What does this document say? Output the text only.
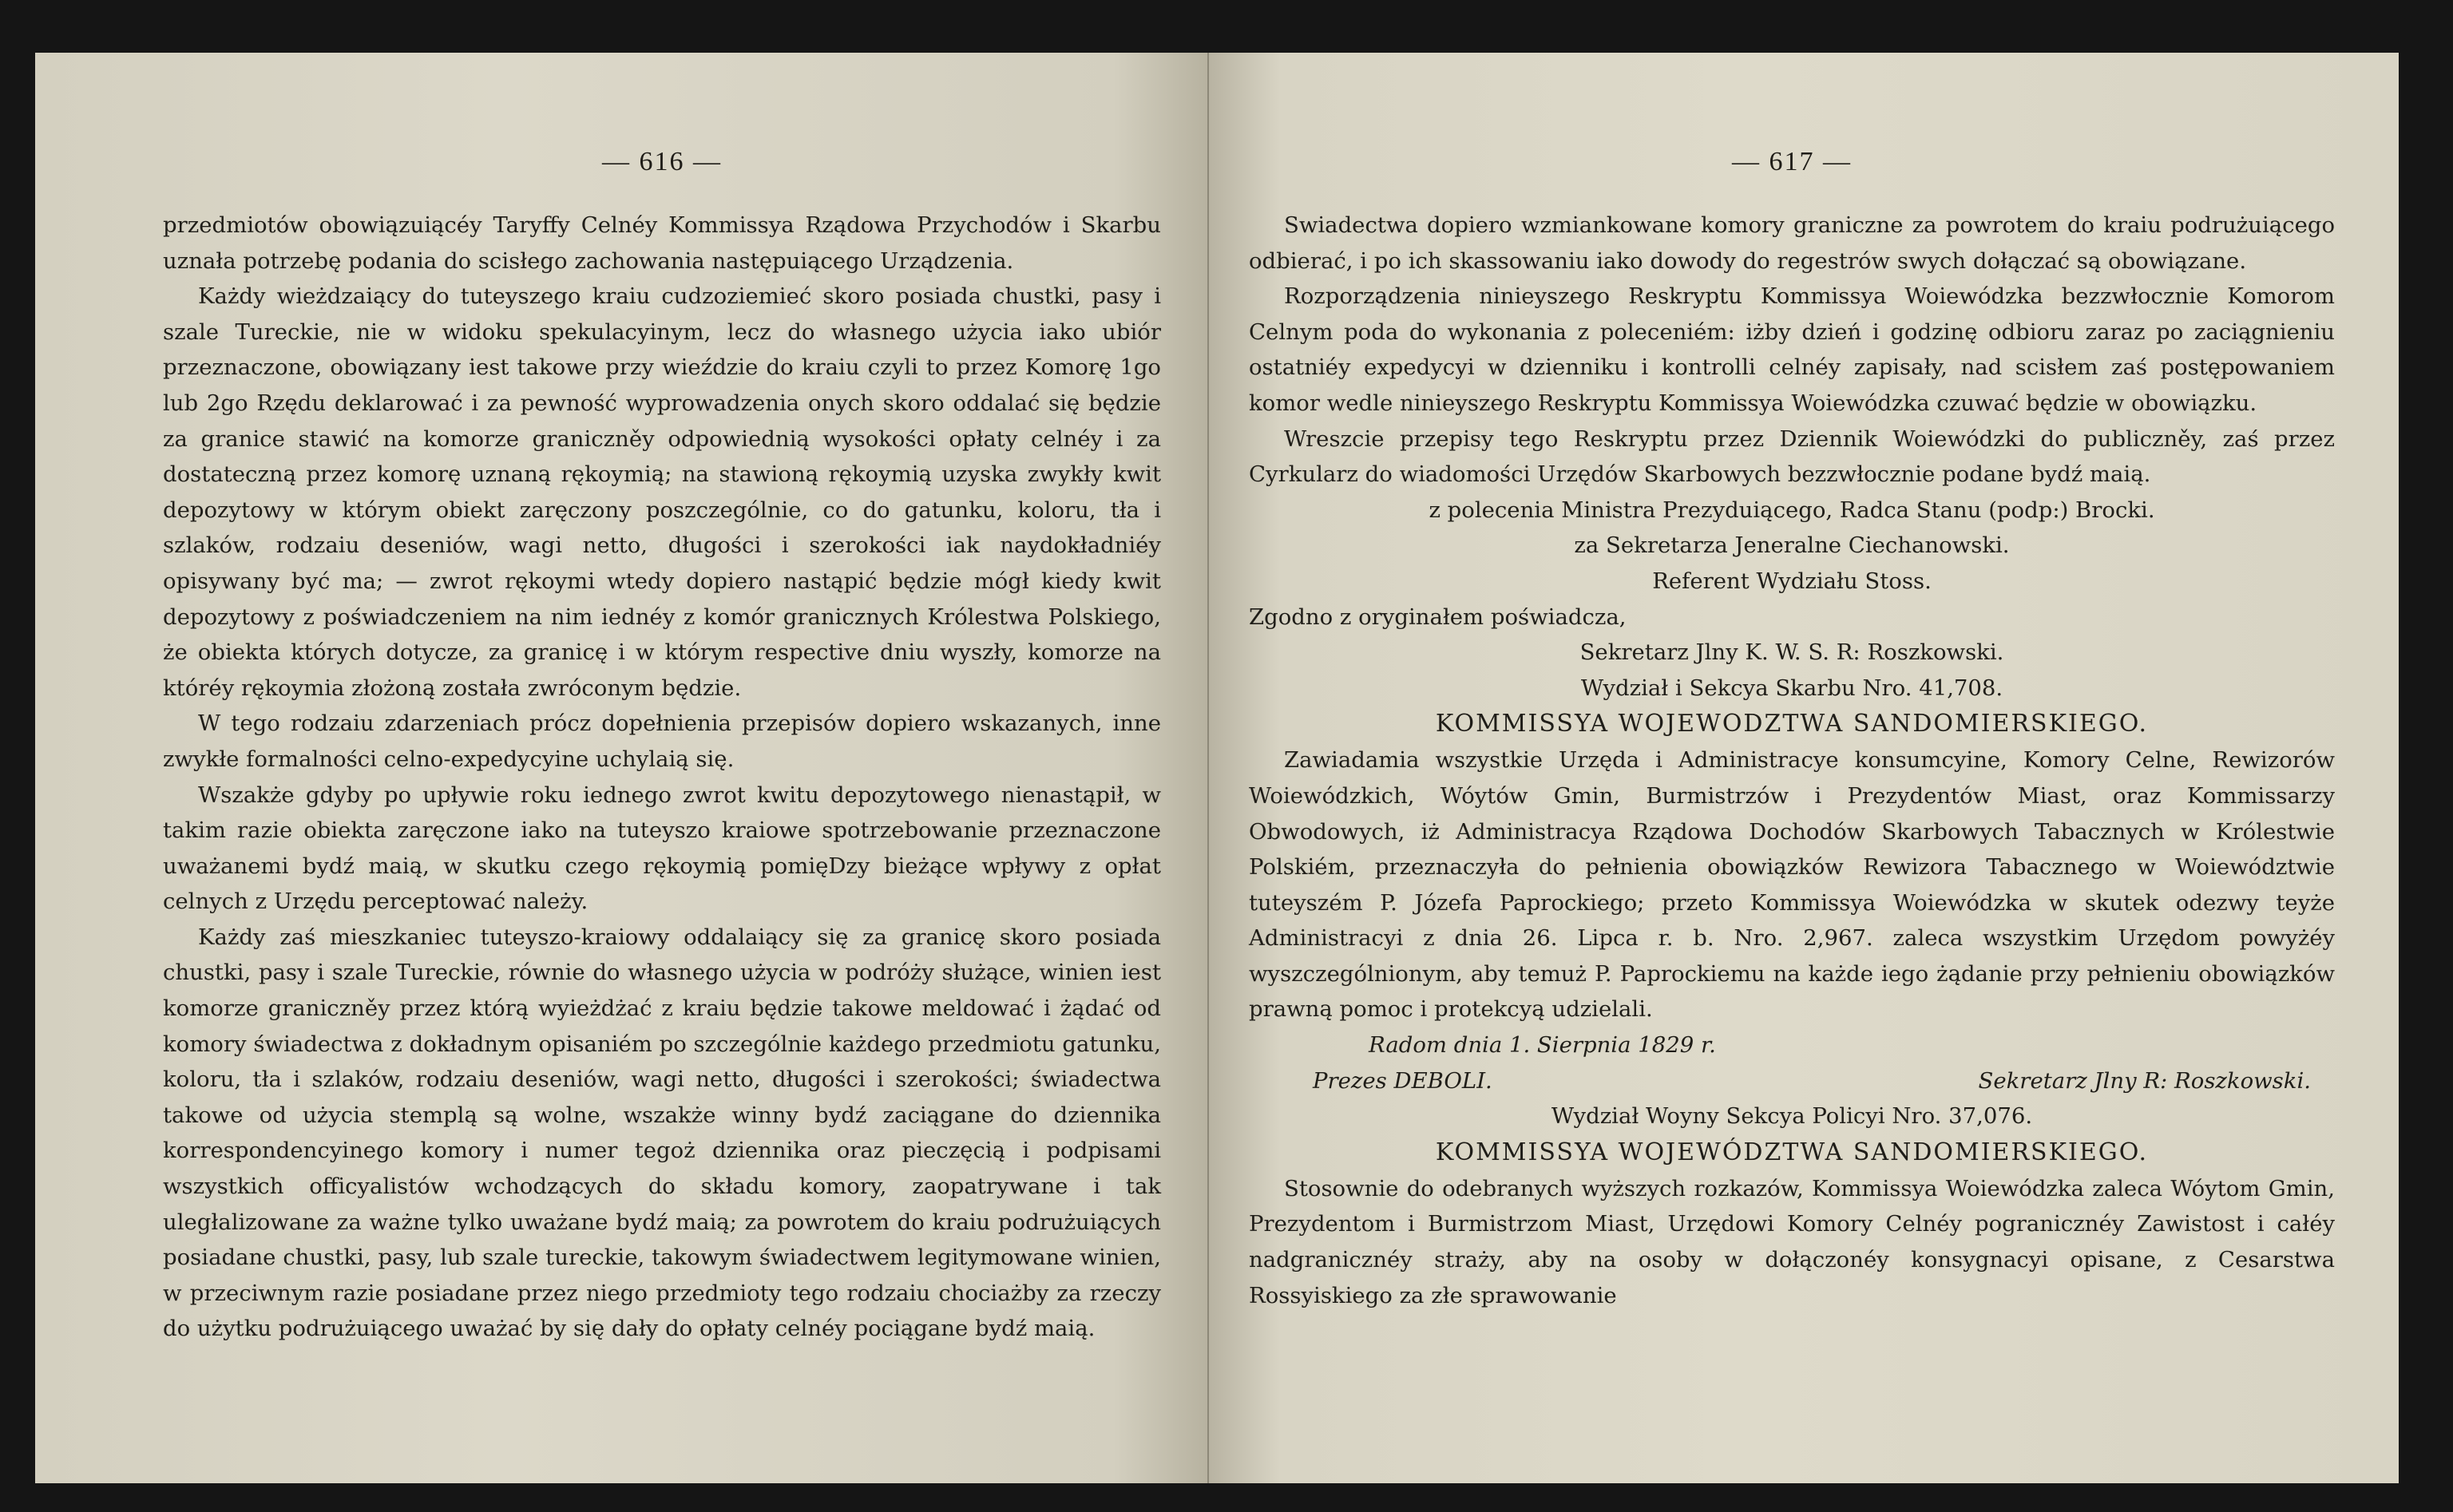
— 616 —

przedmiotów obowiązuiącéy Taryffy Celnéy Kommissya Rządowa Przychodów i Skarbu uznała potrzebę podania do scisłego zachowania następuiącego Urządzenia.

Każdy wieżdzaiący do tuteyszego kraiu cudzoziemieć skoro posiada chustki, pasy i szale Tureckie, nie w widoku spekulacyinym, lecz do własnego użycia iako ubiór przeznaczone, obowiązany iest takowe przy wieździe do kraiu czyli to przez Komorę 1go lub 2go Rzędu deklarować i za pewność wyprowadzenia onych skoro oddalać się będzie za granice stawić na komorze graniczněy odpowiednią wysokości opłaty celnéy i za dostateczną przez komorę uznaną rękoymią; na stawioną rękoymią uzyska zwykły kwit depozytowy w którym obiekt zaręczony poszczególnie, co do gatunku, koloru, tła i szlaków, rodzaiu deseniów, wagi netto, długości i szerokości iak naydokładniéy opisywany być ma; — zwrot rękoymi wtedy dopiero nastąpić będzie mógł kiedy kwit depozytowy z poświadczeniem na nim iednéy z komór granicznych Królestwa Polskiego, że obiekta których dotycze, za granicę i w którym respective dniu wyszły, komorze na któréy rękoymia złożoną została zwróconym będzie.

W tego rodzaiu zdarzeniach prócz dopełnienia przepisów dopiero wskazanych, inne zwykłe formalności celno-expedycyine uchylaią się.

Wszakże gdyby po upływie roku iednego zwrot kwitu depozytowego nienastąpił, w takim razie obiekta zaręczone iako na tuteyszo kraiowe spotrzebowanie przeznaczone uważanemi bydź maią, w skutku czego rękoymią pomięDzy bieżące wpływy z opłat celnych z Urzędu perceptować należy.

Każdy zaś mieszkaniec tuteyszo-kraiowy oddalaiący się za granicę skoro posiada chustki, pasy i szale Tureckie, równie do własnego użycia w podróży służące, winien iest komorze graniczněy przez którą wyieżdżać z kraiu będzie takowe meldować i żądać od komory świadectwa z dokładnym opisaniém po szczególnie każdego przedmiotu gatunku, koloru, tła i szlaków, rodzaiu deseniów, wagi netto, długości i szerokości; świadectwa takowe od użycia stemplą są wolne, wszakże winny bydź zaciągane do dziennika korrespondencyinego komory i numer tegoż dziennika oraz pieczęcią i podpisami wszystkich officyalistów wchodzących do składu komory, zaopatrywane i tak uległalizowane za ważne tylko uważane bydź maią; za powrotem do kraiu podrużuiących posiadane chustki, pasy, lub szale tureckie, takowym świadectwem legitymowane winien, w przeciwnym razie posiadane przez niego przedmioty tego rodzaiu chociażby za rzeczy do użytku podrużuiącego uważać by się dały do opłaty celnéy pociągane bydź maią.

— 617 —

Swiadectwa dopiero wzmiankowane komory graniczne za powrotem do kraiu podrużuiącego odbierać, i po ich skassowaniu iako dowody do regestrów swych dołączać są obowiązane.

Rozporządzenia ninieyszego Reskryptu Kommissya Woiewódzka bezzwłocznie Komorom Celnym poda do wykonania z poleceniém: iżby dzień i godzinę odbioru zaraz po zaciągnieniu ostatniéy expedycyi w dzienniku i kontrolli celnéy zapisały, nad scisłem zaś postępowaniem komor wedle ninieyszego Reskryptu Kommissya Woiewódzka czuwać będzie w obowiązku.

Wreszcie przepisy tego Reskryptu przez Dziennik Woiewódzki do publiczněy, zaś przez Cyrkularz do wiadomości Urzędów Skarbowych bezzwłocznie podane bydź maią.

z polecenia Ministra Prezyduiącego, Radca Stanu (podp:) Brocki.

za Sekretarza Jeneralne Ciechanowski.

Referent Wydziału Stoss.

Zgodno z oryginałem poświadcza,

Sekretarz Jlny K. W. S. R: Roszkowski.

Wydział i Sekcya Skarbu Nro. 41,708.

KOMMISSYA WOJEWODZTWA SANDOMIERSKIEGO.

Zawiadamia wszystkie Urzęda i Administracye konsumcyine, Komory Celne, Rewizorów Woiewódzkich, Wóytów Gmin, Burmistrzów i Prezydentów Miast, oraz Kommissarzy Obwodowych, iż Administracya Rządowa Dochodów Skarbowych Tabacznych w Królestwie Polskiém, przeznaczyła do pełnienia obowiązków Rewizora Tabacznego w Woiewództwie tuteyszém P. Józefa Paprockiego; przeto Kommissya Woiewódzka w skutek odezwy teyże Administracyi z dnia 26. Lipca r. b. Nro. 2,967. zaleca wszystkim Urzędom powyżéy wyszczególnionym, aby temuż P. Paprockiemu na każde iego żądanie przy pełnieniu obowiązków prawną pomoc i protekcyą udzielali.

Radom dnia 1. Sierpnia 1829 r.

Prezes DEBOLI.	Sekretarz Jlny R: Roszkowski.

Wydział Woyny Sekcya Policyi Nro. 37,076.

KOMMISSYA WOJEWÓDZTWA SANDOMIERSKIEGO.

Stosownie do odebranych wyższych rozkazów, Kommissya Woiewódzka zaleca Wóytom Gmin, Prezydentom i Burmistrzom Miast, Urzędowi Komory Celnéy pogranicznéy Zawistost i całéy nadgranicznéy straży, aby na osoby w dołączonéy konsygnacyi opisane, z Cesarstwa Rossyiskiego za złe sprawowanie
